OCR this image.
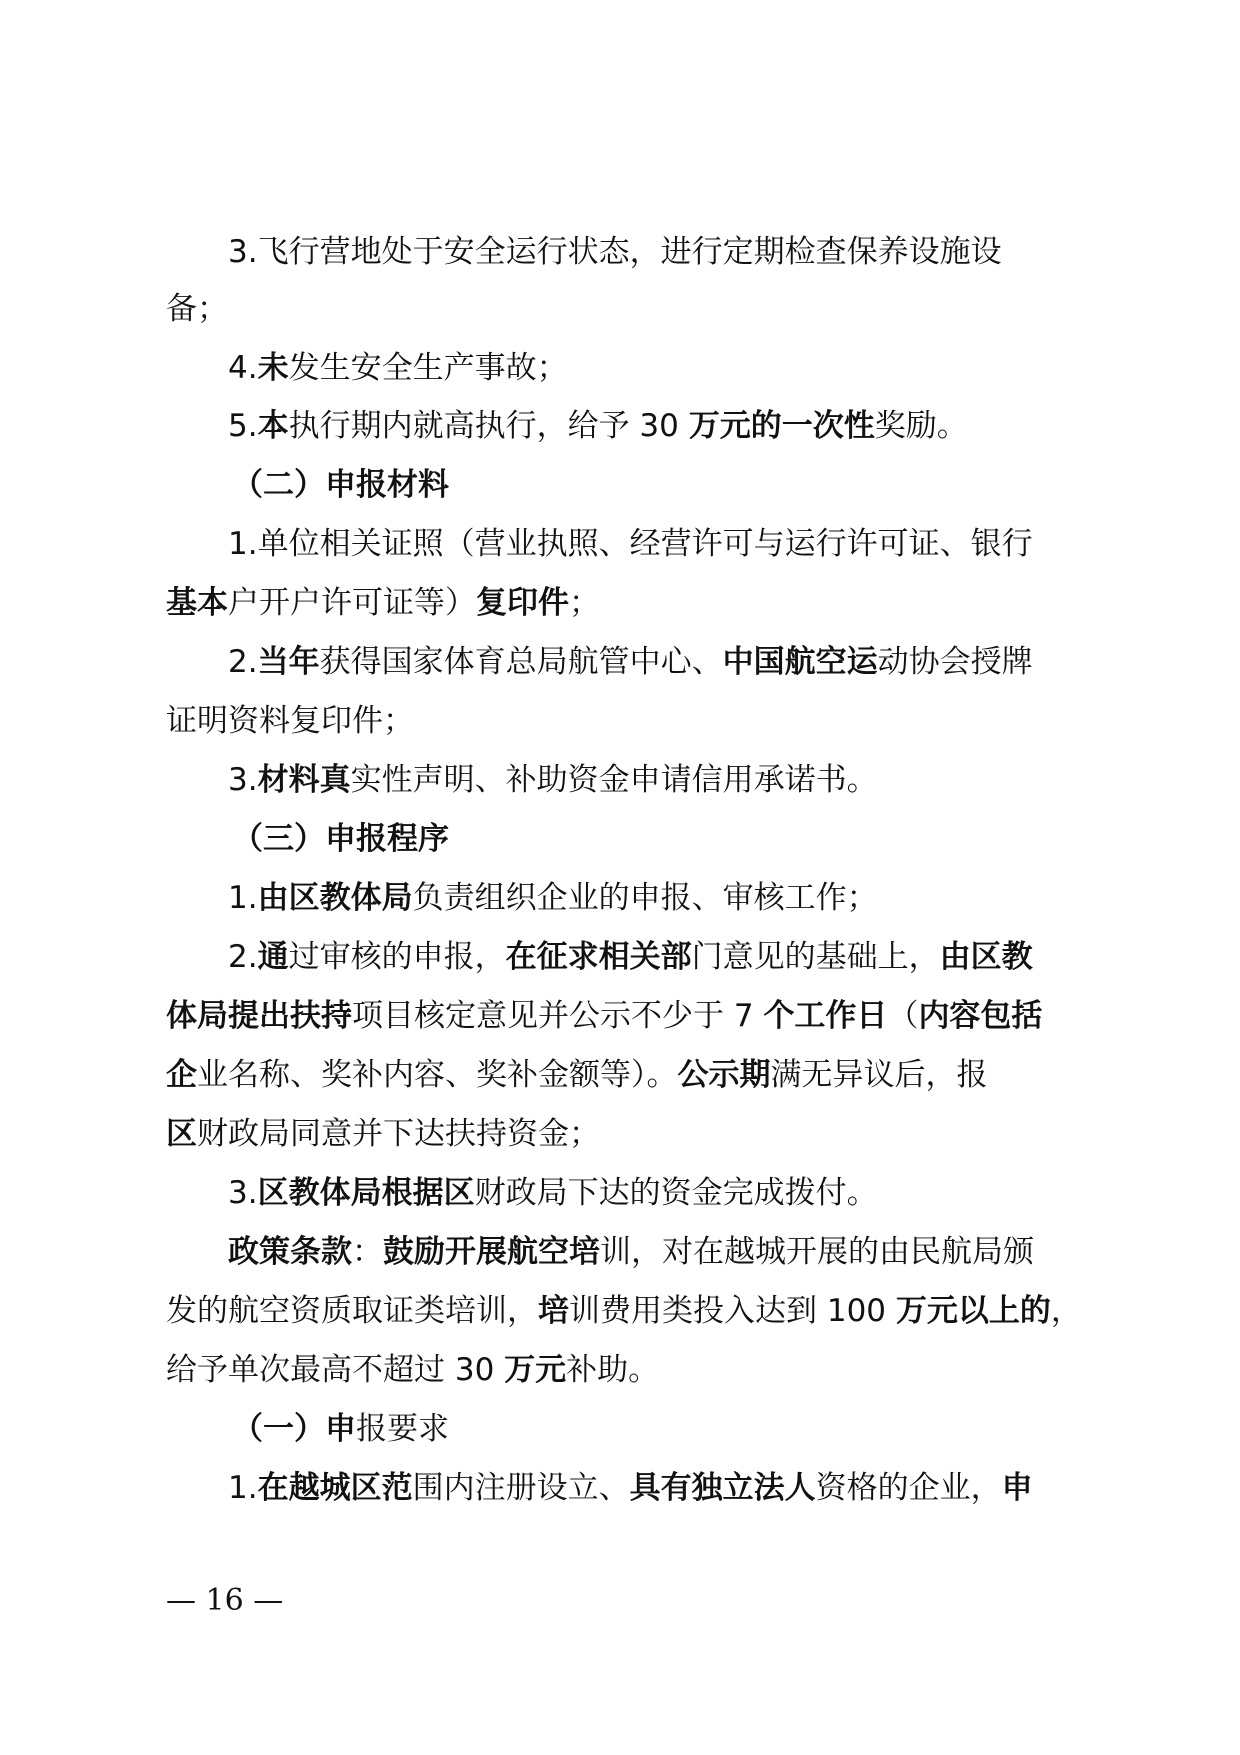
3.飞行营地处于安全运行状态，进行定期检查保养设施设
备；
4.未发生安全生产事故；
5.本执行期内就高执行，给予 30 万元的一次性奖励。
（二）申报材料
1.单位相关证照（营业执照、经营许可与运行许可证、银行
基本户开户许可证等）复印件；
2.当年获得国家体育总局航管中心、中国航空运动协会授牌
证明资料复印件；
3.材料真实性声明、补助资金申请信用承诺书。
（三）申报程序
1.由区教体局负责组织企业的申报、审核工作；
2.通过审核的申报，在征求相关部门意见的基础上，由区教
体局提出扶持项目核定意见并公示不少于 7 个工作日（内容包括
企业名称、奖补内容、奖补金额等）。公示期满无异议后，报
区财政局同意并下达扶持资金；
3.区教体局根据区财政局下达的资金完成拨付。
政策条款：鼓励开展航空培训，对在越城开展的由民航局颁
发的航空资质取证类培训，培训费用类投入达到 100 万元以上的，
给予单次最高不超过 30 万元补助。
（一）申报要求
1.在越城区范围内注册设立、具有独立法人资格的企业，申
— 16 —
